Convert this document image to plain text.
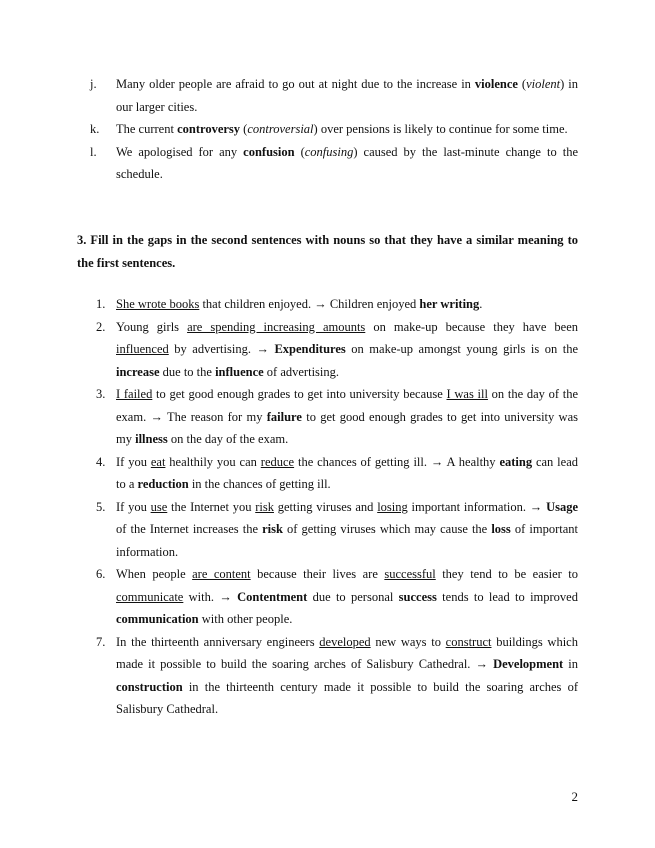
j.	Many older people are afraid to go out at night due to the increase in violence (violent) in our larger cities.
k.	The current controversy (controversial) over pensions is likely to continue for some time.
l.	We apologised for any confusion (confusing) caused by the last-minute change to the schedule.

3. Fill in the gaps in the second sentences with nouns so that they have a similar meaning to the first sentences.

1. She wrote books that children enjoyed. → Children enjoyed her writing.
2. Young girls are spending increasing amounts on make-up because they have been influenced by advertising. → Expenditures on make-up amongst young girls is on the increase due to the influence of advertising.
3. I failed to get good enough grades to get into university because I was ill on the day of the exam. → The reason for my failure to get good enough grades to get into university was my illness on the day of the exam.
4. If you eat healthily you can reduce the chances of getting ill. → A healthy eating can lead to a reduction in the chances of getting ill.
5. If you use the Internet you risk getting viruses and losing important information. → Usage of the Internet increases the risk of getting viruses which may cause the loss of important information.
6. When people are content because their lives are successful they tend to be easier to communicate with. → Contentment due to personal success tends to lead to improved communication with other people.
7. In the thirteenth anniversary engineers developed new ways to construct buildings which made it possible to build the soaring arches of Salisbury Cathedral. → Development in construction in the thirteenth century made it possible to build the soaring arches of Salisbury Cathedral.
2
